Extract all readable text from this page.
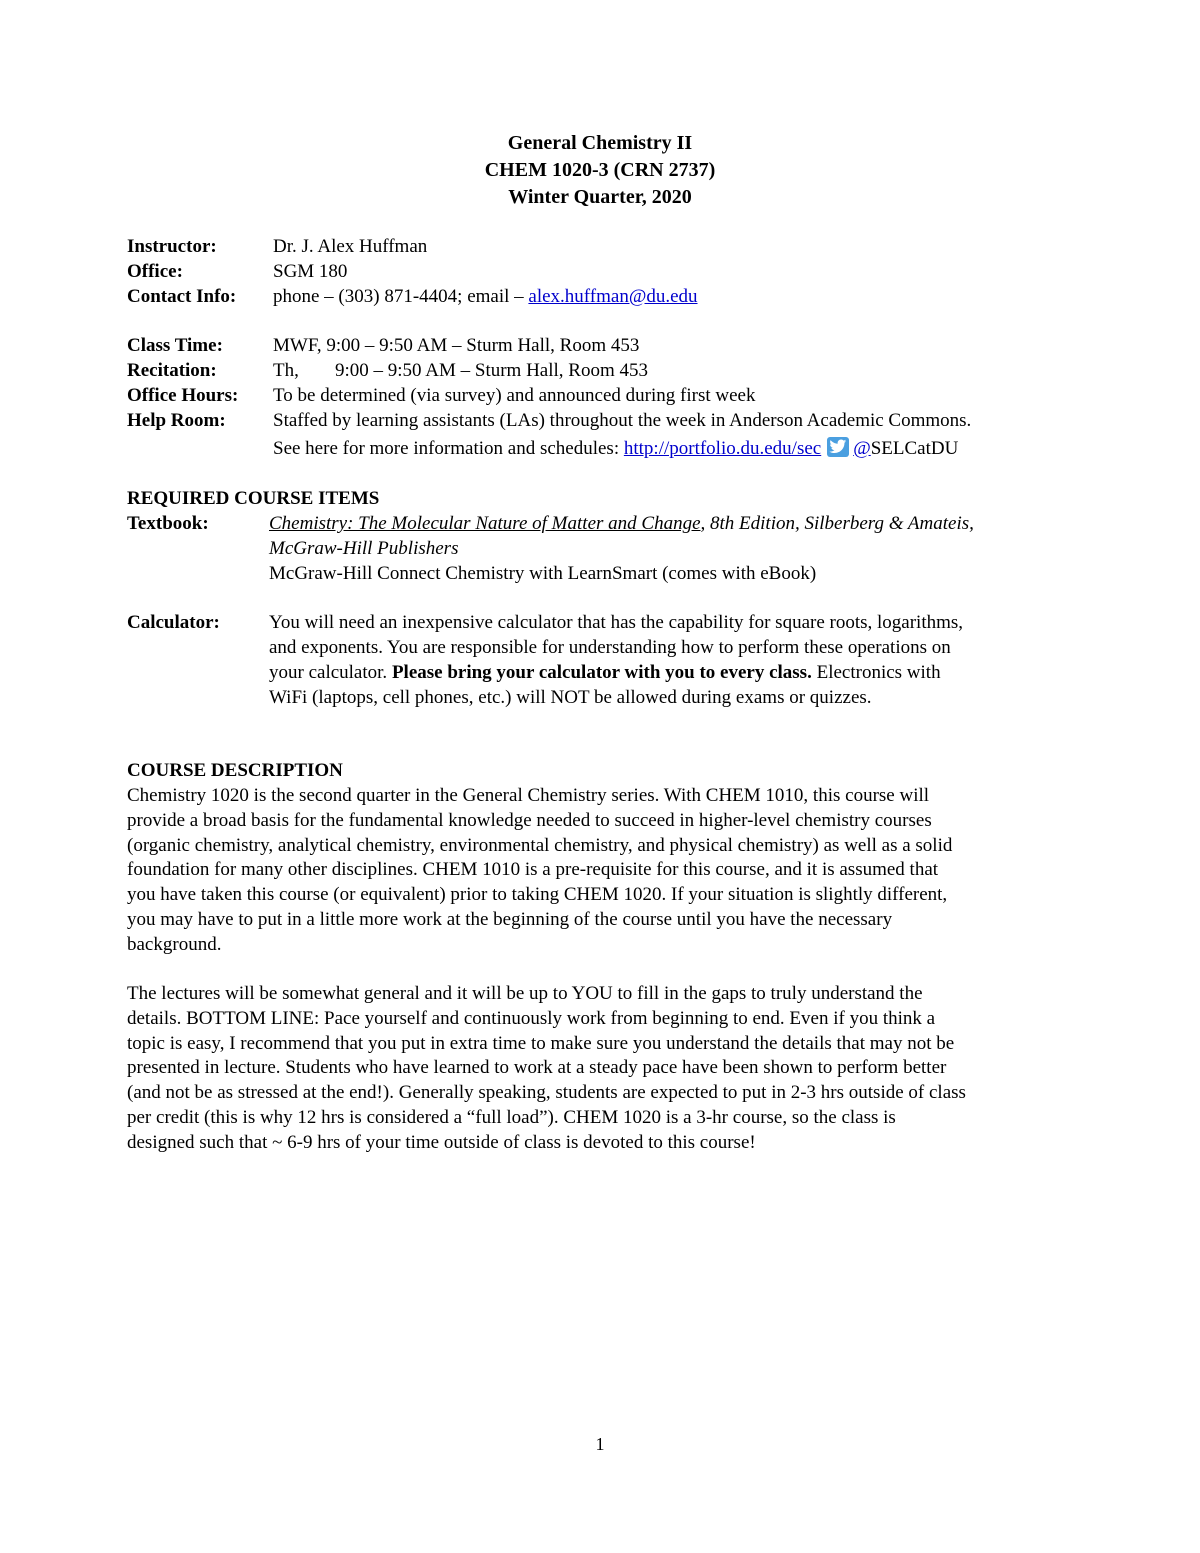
General Chemistry II
CHEM 1020-3 (CRN 2737)
Winter Quarter, 2020
Instructor:	Dr. J. Alex Huffman
Office:	SGM 180
Contact Info: phone – (303) 871-4404; email – alex.huffman@du.edu
Class Time:	MWF, 9:00 – 9:50 AM – Sturm Hall, Room 453
Recitation:	Th, 9:00 – 9:50 AM – Sturm Hall, Room 453
Office Hours: To be determined (via survey) and announced during first week
Help Room: Staffed by learning assistants (LAs) throughout the week in Anderson Academic Commons.
See here for more information and schedules: http://portfolio.du.edu/sec @SELCatDU
REQUIRED COURSE ITEMS
Textbook:	Chemistry: The Molecular Nature of Matter and Change, 8th Edition, Silberberg & Amateis,
McGraw-Hill Publishers
McGraw-Hill Connect Chemistry with LearnSmart (comes with eBook)
Calculator:	You will need an inexpensive calculator that has the capability for square roots, logarithms,
and exponents. You are responsible for understanding how to perform these operations on
your calculator. Please bring your calculator with you to every class. Electronics with
WiFi (laptops, cell phones, etc.) will NOT be allowed during exams or quizzes.
COURSE DESCRIPTION
Chemistry 1020 is the second quarter in the General Chemistry series. With CHEM 1010, this course will
provide a broad basis for the fundamental knowledge needed to succeed in higher-level chemistry courses
(organic chemistry, analytical chemistry, environmental chemistry, and physical chemistry) as well as a solid
foundation for many other disciplines. CHEM 1010 is a pre-requisite for this course, and it is assumed that
you have taken this course (or equivalent) prior to taking CHEM 1020. If your situation is slightly different,
you may have to put in a little more work at the beginning of the course until you have the necessary
background.
The lectures will be somewhat general and it will be up to YOU to fill in the gaps to truly understand the
details. BOTTOM LINE: Pace yourself and continuously work from beginning to end. Even if you think a
topic is easy, I recommend that you put in extra time to make sure you understand the details that may not be
presented in lecture. Students who have learned to work at a steady pace have been shown to perform better
(and not be as stressed at the end!). Generally speaking, students are expected to put in 2-3 hrs outside of class
per credit (this is why 12 hrs is considered a “full load”). CHEM 1020 is a 3-hr course, so the class is
designed such that ~ 6-9 hrs of your time outside of class is devoted to this course!
1
